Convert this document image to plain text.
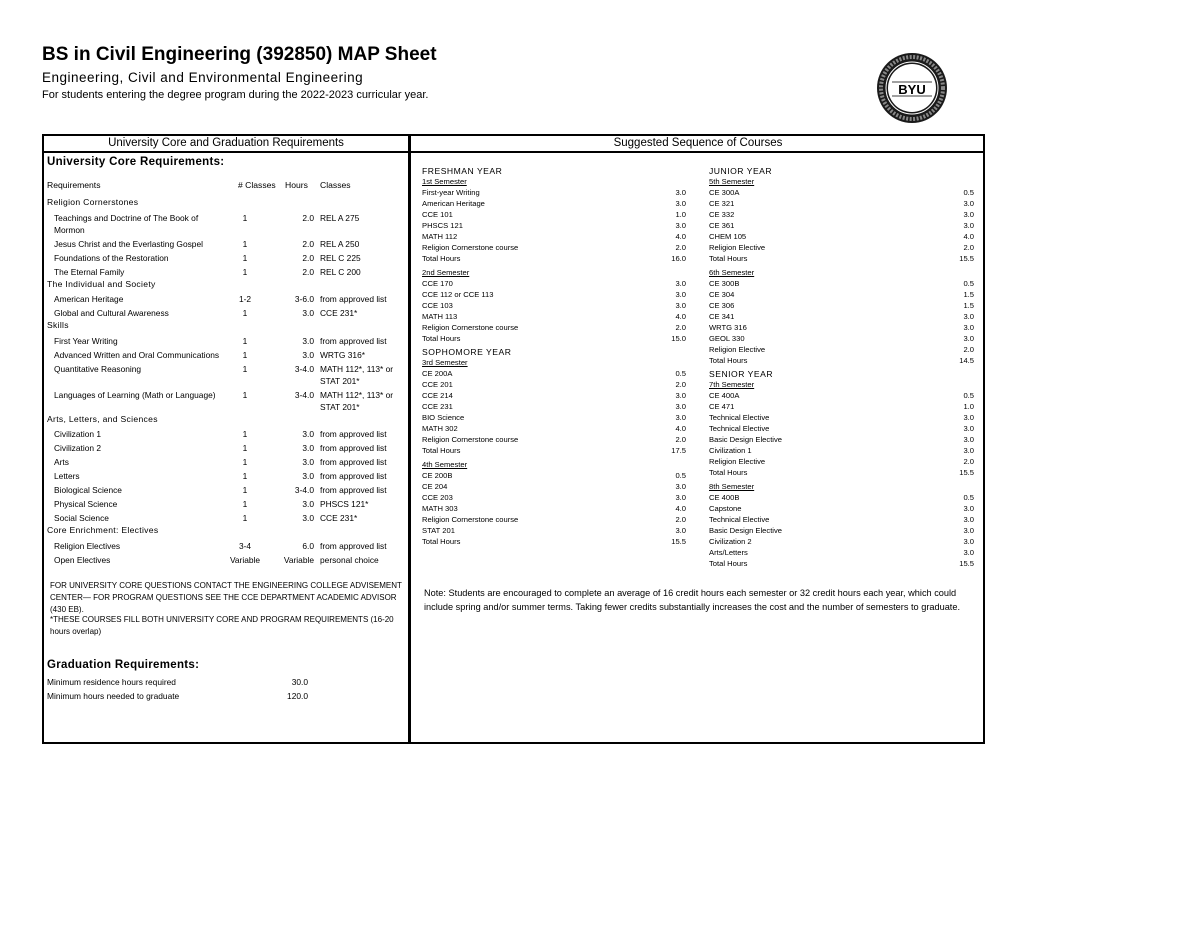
BS in Civil Engineering (392850) MAP Sheet
Engineering, Civil and Environmental Engineering
For students entering the degree program during the 2022-2023 curricular year.	BYU
University Core and Graduation Requirements	Suggested Sequence of Courses
University Core Requirements:
Requirements	# Classes Hours Classes
Religion Cornerstones
Teachings and Doctrine of The Book of	1	2.0 REL A 275
Mormon
Jesus Christ and the Everlasting Gospel	1	2.0 REL A 250
Foundations of the Restoration	1	2.0 REL C 225
The Eternal Family	1	2.0 REL C 200
The Individual and Society
American Heritage	1-2	3-6.0 from approved list
Global and Cultural Awareness	1	3.0 CCE 231*
Skills
First Year Writing	1	3.0 from approved list
Advanced Written and Oral Communications	1	3.0 WRTG 316*
Quantitative Reasoning	1	3-4.0 MATH 112*, 113* or
STAT 201*
Languages of Learning (Math or Language)	1	3-4.0 MATH 112*, 113* or
STAT 201*
Arts, Letters, and Sciences
Civilization 1	1	3.0 from approved list
Civilization 2	1	3.0 from approved list
Arts	1	3.0 from approved list
Letters	1	3.0 from approved list
Biological Science	1	3-4.0 from approved list
Physical Science	1	3.0 PHSCS 121*
Social Science	1	3.0 CCE 231*
Core Enrichment: Electives
Religion Electives	3-4	6.0 from approved list
Open Electives	Variable	Variable personal choice
FOR UNIVERSITY CORE QUESTIONS CONTACT THE ENGINEERING COLLEGE ADVISEMENT CENTER— FOR PROGRAM QUESTIONS SEE THE CCE DEPARTMENT ACADEMIC ADVISOR (430 EB).
*THESE COURSES FILL BOTH UNIVERSITY CORE AND PROGRAM REQUIREMENTS (16-20 hours overlap)
Graduation Requirements:
Minimum residence hours required	30.0
Minimum hours needed to graduate	120.0
FRESHMAN YEAR
1st Semester
First-year Writing	3.0
American Heritage	3.0
CCE 101	1.0
PHSCS 121	3.0
MATH 112	4.0
Religion Cornerstone course	2.0
Total Hours	16.0
2nd Semester
CCE 170	3.0
CCE 112 or CCE 113	3.0
CCE 103	3.0
MATH 113	4.0
Religion Cornerstone course	2.0
Total Hours	15.0
SOPHOMORE YEAR
3rd Semester
CE 200A	0.5
CCE 201	2.0
CCE 214	3.0
CCE 231	3.0
BIO Science	3.0
MATH 302	4.0
Religion Cornerstone course	2.0
Total Hours	17.5
4th Semester
CE 200B	0.5
CE 204	3.0
CCE 203	3.0
MATH 303	4.0
Religion Cornerstone course	2.0
STAT 201	3.0
Total Hours	15.5
JUNIOR YEAR
5th Semester
CE 300A	0.5
CE 321	3.0
CE 332	3.0
CE 361	3.0
CHEM 105	4.0
Religion Elective	2.0
Total Hours	15.5
6th Semester
CE 300B	0.5
CE 304	1.5
CE 306	1.5
CE 341	3.0
WRTG 316	3.0
GEOL 330	3.0
Religion Elective	2.0
Total Hours	14.5
SENIOR YEAR
7th Semester
CE 400A	0.5
CE 471	1.0
Technical Elective	3.0
Technical Elective	3.0
Basic Design Elective	3.0
Civilization 1	3.0
Religion Elective	2.0
Total Hours	15.5
8th Semester
CE 400B	0.5
Capstone	3.0
Technical Elective	3.0
Basic Design Elective	3.0
Civilization 2	3.0
Arts/Letters	3.0
Total Hours	15.5
Note: Students are encouraged to complete an average of 16 credit hours each semester or 32 credit hours each year, which could include spring and/or summer terms. Taking fewer credits substantially increases the cost and the number of semesters to graduate.
